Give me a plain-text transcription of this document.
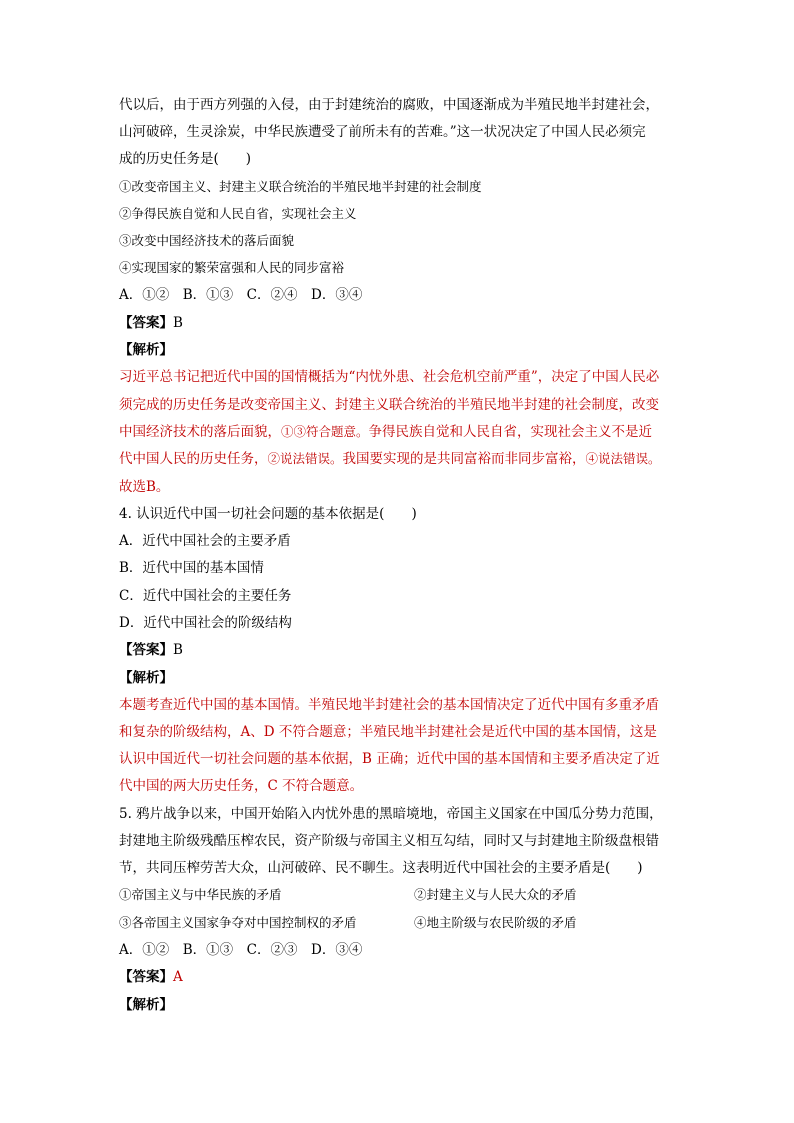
代以后，由于西方列强的入侵，由于封建统治的腐败，中国逐渐成为半殖民地半封建社会，
山河破碎，生灵涂炭，中华民族遭受了前所未有的苦难。”这一状况决定了中国人民必须完
成的历史任务是(　　)
①改变帝国主义、封建主义联合统治的半殖民地半封建的社会制度
②争得民族自觉和人民自省，实现社会主义
③改变中国经济技术的落后面貌
④实现国家的繁荣富强和人民的同步富裕
A．①②　B．①③　C．②④　D．③④
【答案】B
【解析】
习近平总书记把近代中国的国情概括为“内忧外患、社会危机空前严重”，决定了中国人民必
须完成的历史任务是改变帝国主义、封建主义联合统治的半殖民地半封建的社会制度，改变
中国经济技术的落后面貌，①③符合题意。争得民族自觉和人民自省，实现社会主义不是近
代中国人民的历史任务，②说法错误。我国要实现的是共同富裕而非同步富裕，④说法错误。
故选B。
4. 认识近代中国一切社会问题的基本依据是(　　)
A．近代中国社会的主要矛盾
B．近代中国的基本国情
C．近代中国社会的主要任务
D．近代中国社会的阶级结构
【答案】B
【解析】
本题考查近代中国的基本国情。半殖民地半封建社会的基本国情决定了近代中国有多重矛盾
和复杂的阶级结构，A、D 不符合题意；半殖民地半封建社会是近代中国的基本国情，这是
认识中国近代一切社会问题的基本依据，B 正确；近代中国的基本国情和主要矛盾决定了近
代中国的两大历史任务，C 不符合题意。
5. 鸦片战争以来，中国开始陷入内忧外患的黑暗境地，帝国主义国家在中国瓜分势力范围，
封建地主阶级残酷压榨农民，资产阶级与帝国主义相互勾结，同时又与封建地主阶级盘根错
节，共同压榨劳苦大众，山河破碎、民不聊生。这表明近代中国社会的主要矛盾是(　　)
①帝国主义与中华民族的矛盾	②封建主义与人民大众的矛盾
③各帝国主义国家争夺对中国控制权的矛盾	④地主阶级与农民阶级的矛盾
A．①②　B．①③　C．②③　D．③④
【答案】A
【解析】
